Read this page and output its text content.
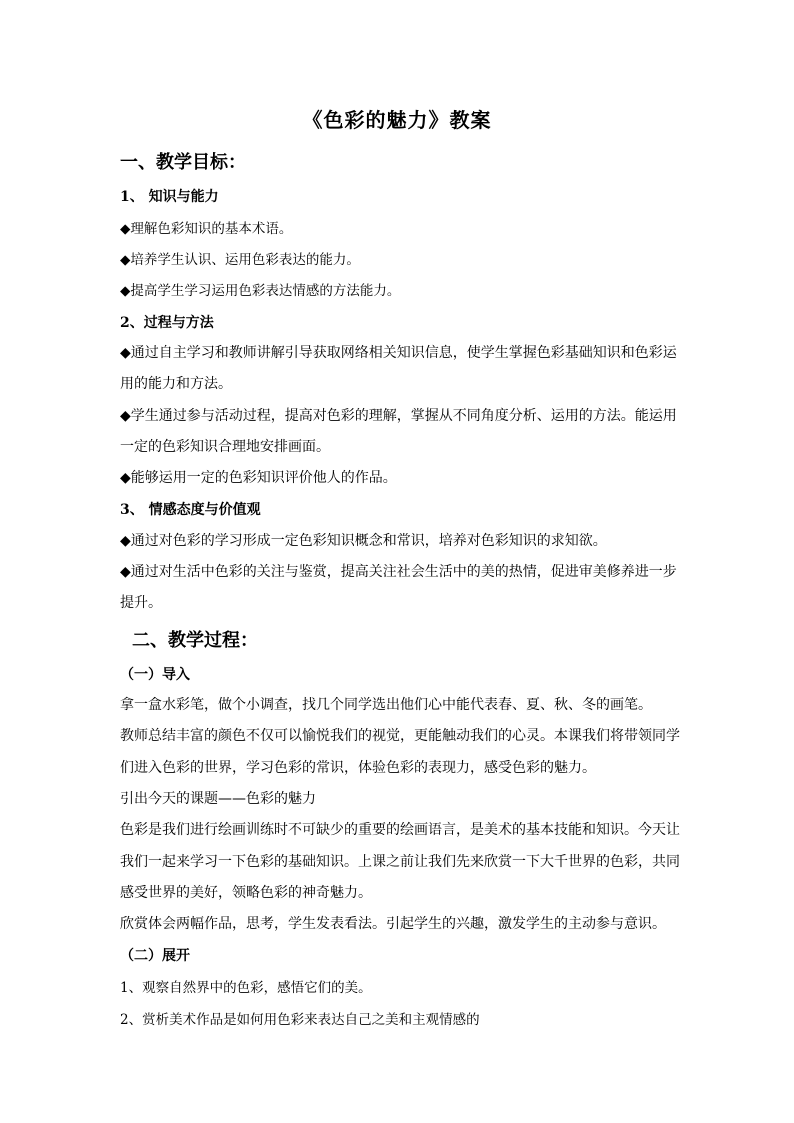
《色彩的魅力》教案
一、教学目标：
1、 知识与能力
◆理解色彩知识的基本术语。
◆培养学生认识、运用色彩表达的能力。
◆提高学生学习运用色彩表达情感的方法能力。
2、过程与方法
◆通过自主学习和教师讲解引导获取网络相关知识信息，使学生掌握色彩基础知识和色彩运
用的能力和方法。
◆学生通过参与活动过程，提高对色彩的理解，掌握从不同角度分析、运用的方法。能运用
一定的色彩知识合理地安排画面。
◆能够运用一定的色彩知识评价他人的作品。
3、 情感态度与价值观
◆通过对色彩的学习形成一定色彩知识概念和常识，培养对色彩知识的求知欲。
◆通过对生活中色彩的关注与鉴赏，提高关注社会生活中的美的热情，促进审美修养进一步
提升。
二、教学过程：
（一）导入
拿一盒水彩笔，做个小调查，找几个同学选出他们心中能代表春、夏、秋、冬的画笔。
教师总结丰富的颜色不仅可以愉悦我们的视觉，更能触动我们的心灵。本课我们将带领同学
们进入色彩的世界，学习色彩的常识，体验色彩的表现力，感受色彩的魅力。
引出今天的课题——色彩的魅力
色彩是我们进行绘画训练时不可缺少的重要的绘画语言，是美术的基本技能和知识。今天让
我们一起来学习一下色彩的基础知识。上课之前让我们先来欣赏一下大千世界的色彩，共同
感受世界的美好，领略色彩的神奇魅力。
欣赏体会两幅作品，思考，学生发表看法。引起学生的兴趣，激发学生的主动参与意识。
（二）展开
1、观察自然界中的色彩，感悟它们的美。
2、赏析美术作品是如何用色彩来表达自己之美和主观情感的
